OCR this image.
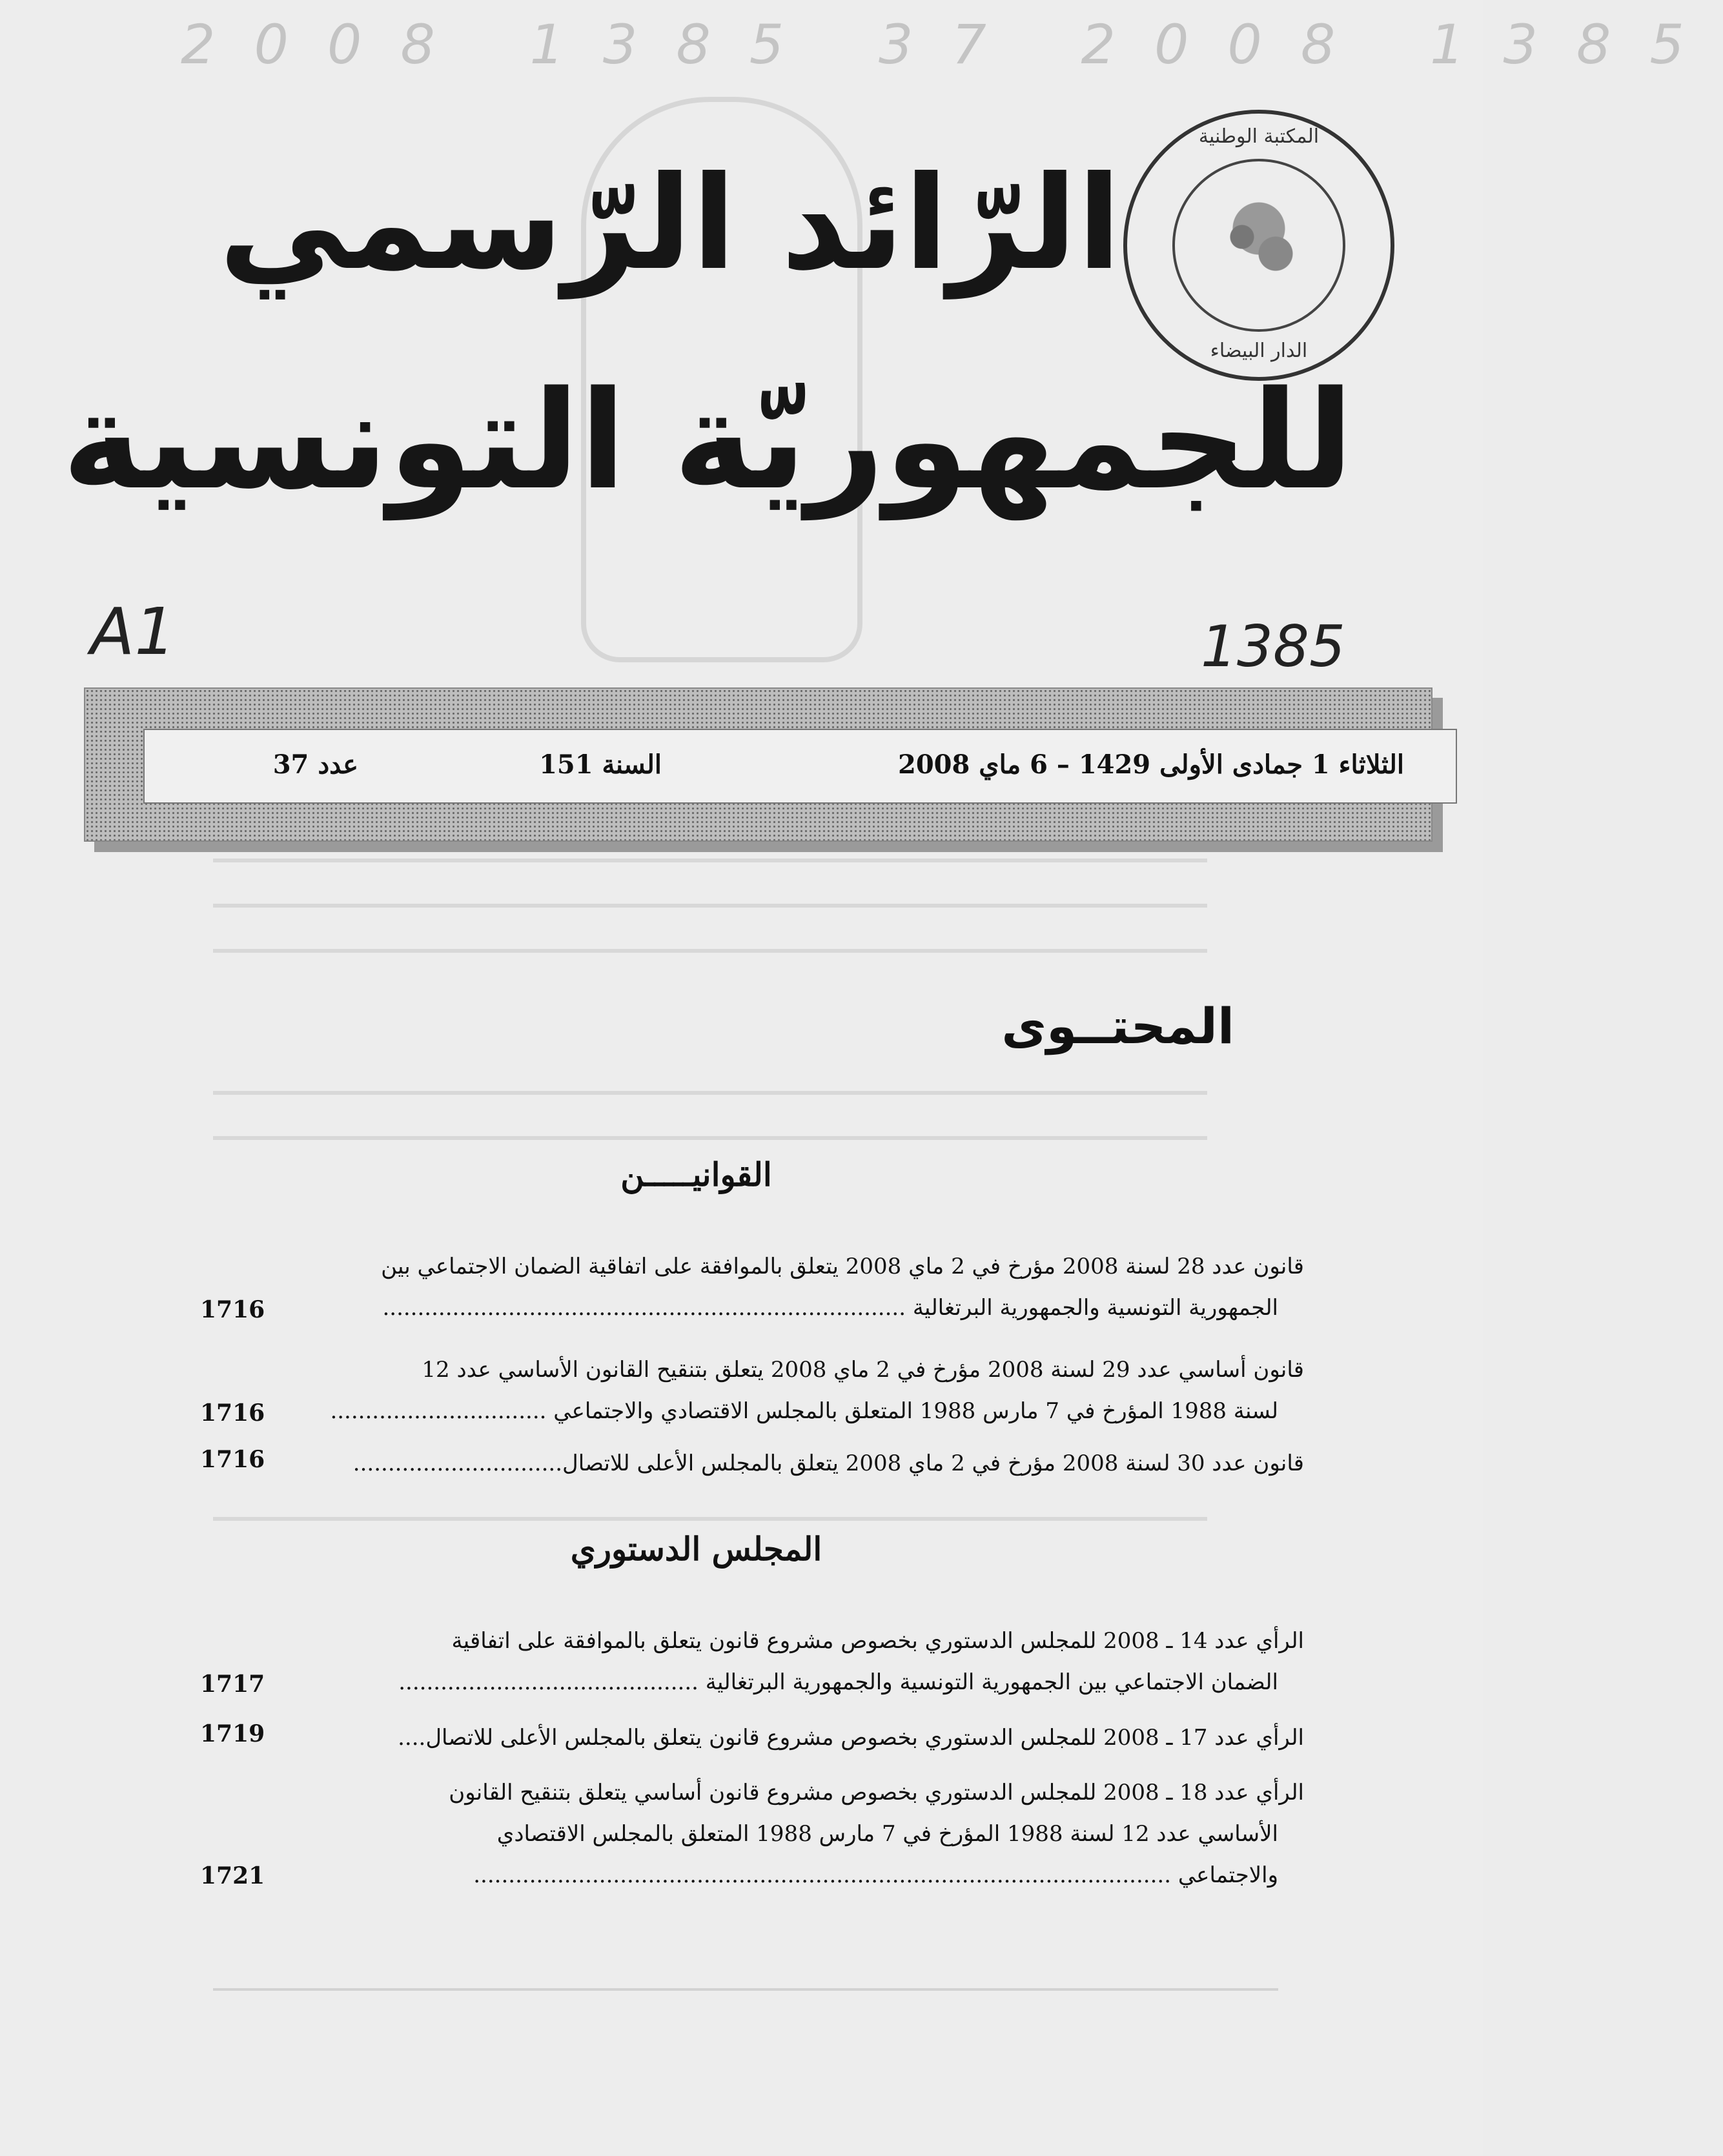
2008 1385 37 2008 1385
المكتبة الوطنية
الدار البيضاء
الرّائد الرّسمي
للجمهوريّة التونسية
A1	1385
الثلاثاء 1 جمادى الأولى 1429 – 6 ماي 2008
السنة 151
عدد 37
المحتــوى
القوانيـــــن
قانون عدد 28 لسنة 2008 مؤرخ في 2 ماي 2008 يتعلق بالموافقة على اتفاقية الضمان الاجتماعي بين
الجمهورية التونسية والجمهورية البرتغالية ...........................................................................
1716
قانون أساسي عدد 29 لسنة 2008 مؤرخ في 2 ماي 2008 يتعلق بتنقيح القانون الأساسي عدد 12
لسنة 1988 المؤرخ في 7 مارس 1988 المتعلق بالمجلس الاقتصادي والاجتماعي ...............................
1716
قانون عدد 30 لسنة 2008 مؤرخ في 2 ماي 2008 يتعلق بالمجلس الأعلى للاتصال..............................
1716
المجلس الدستوري
الرأي عدد 14 ـ 2008 للمجلس الدستوري بخصوص مشروع قانون يتعلق بالموافقة على اتفاقية
الضمان الاجتماعي بين الجمهورية التونسية والجمهورية البرتغالية ...........................................
1717
الرأي عدد 17 ـ 2008 للمجلس الدستوري بخصوص مشروع قانون يتعلق بالمجلس الأعلى للاتصال....
1719
الرأي عدد 18 ـ 2008 للمجلس الدستوري بخصوص مشروع قانون أساسي يتعلق بتنقيح القانون
الأساسي عدد 12 لسنة 1988 المؤرخ في 7 مارس 1988 المتعلق بالمجلس الاقتصادي
والاجتماعي ....................................................................................................
1721
